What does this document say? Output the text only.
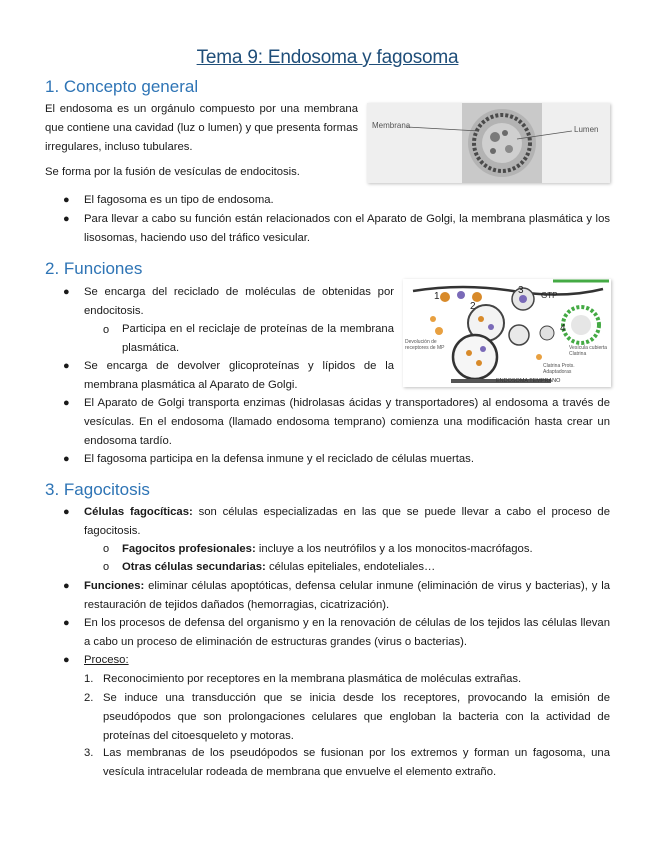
Tema 9: Endosoma y fagosoma
1. Concepto general
El endosoma es un orgánulo compuesto por una membrana que contiene una cavidad (luz o lumen) y que presenta formas irregulares, incluso tubulares.
Membrana	Lumen
Se forma por la fusión de vesículas de endocitosis.
● El fagosoma es un tipo de endosoma.
● Para llevar a cabo su función están relacionados con el Aparato de Golgi, la membrana plasmática y los lisosomas, haciendo uso del tráfico vesicular.
2. Funciones
● Se encarga del reciclado de moléculas de obtenidas por endocitosis.
o Participa en el reciclaje de proteínas de la membrana plasmática.
● Se encarga de devolver glicoproteínas y lípidos de la membrana plasmática al Aparato de Golgi.
1
2
3
4
GTP
Devolución de receptores de MP	Vesícula cubierta Clatrina
Clatrina Prots. Adaptadoras
ENDOSOMA TEMPRANO
● El Aparato de Golgi transporta enzimas (hidrolasas ácidas y transportadores) al endosoma a través de vesículas. En el endosoma (llamado endosoma temprano) comienza una modificación hasta crear un endosoma tardío.
● El fagosoma participa en la defensa inmune y el reciclado de células muertas.
3. Fagocitosis
● Células fagocíticas: son células especializadas en las que se puede llevar a cabo el proceso de fagocitosis.
o Fagocitos profesionales: incluye a los neutrófilos y a los monocitos-macrófagos.
o Otras células secundarias: células epiteliales, endoteliales…
● Funciones: eliminar células apoptóticas, defensa celular inmune (eliminación de virus y bacterias), y la restauración de tejidos dañados (hemorragias, cicatrización).
● En los procesos de defensa del organismo y en la renovación de células de los tejidos las células llevan a cabo un proceso de eliminación de estructuras grandes (virus o bacterias).
● Proceso:
1. Reconocimiento por receptores en la membrana plasmática de moléculas extrañas.
2. Se induce una transducción que se inicia desde los receptores, provocando la emisión de pseudópodos que son prolongaciones celulares que engloban la bacteria con la actividad de proteínas del citoesqueleto y motoras.
3. Las membranas de los pseudópodos se fusionan por los extremos y forman un fagosoma, una vesícula intracelular rodeada de membrana que envuelve el elemento extraño.
